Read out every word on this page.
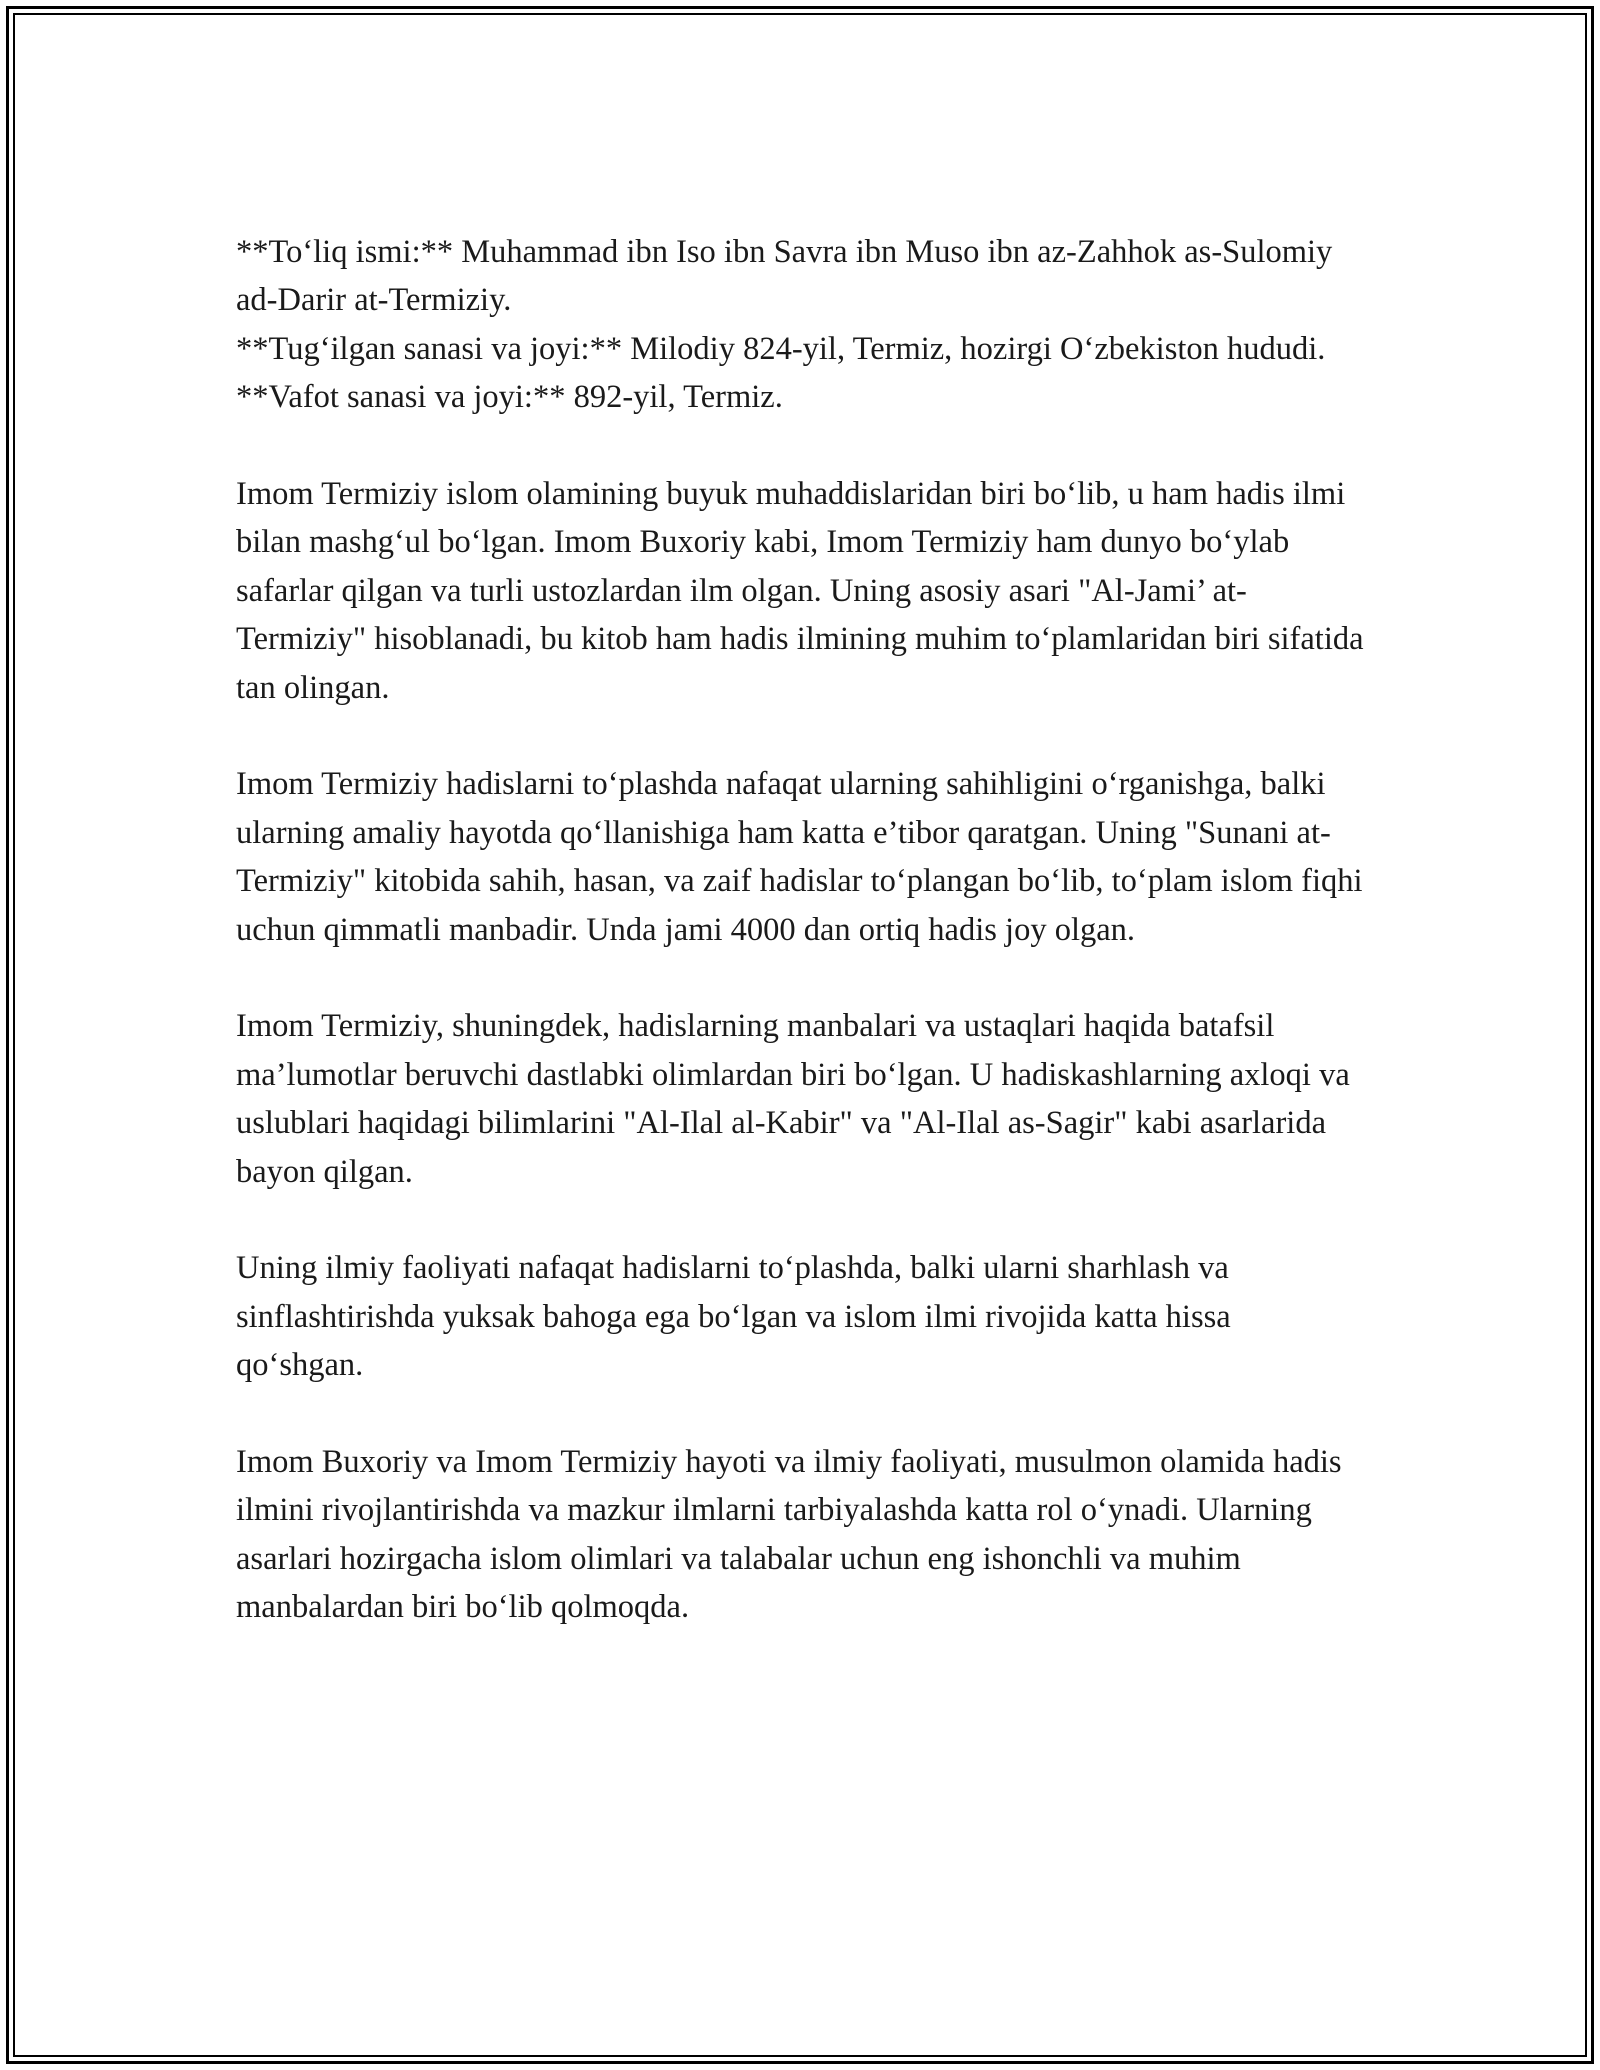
**To‘liq ismi:** Muhammad ibn Iso ibn Savra ibn Muso ibn az-Zahhok as-Sulomiy ad-Darir at-Termiziy.
**Tug‘ilgan sanasi va joyi:** Milodiy 824-yil, Termiz, hozirgi O‘zbekiston hududi.
**Vafot sanasi va joyi:** 892-yil, Termiz.

Imom Termiziy islom olamining buyuk muhaddislaridan biri bo‘lib, u ham hadis ilmi bilan mashg‘ul bo‘lgan. Imom Buxoriy kabi, Imom Termiziy ham dunyo bo‘ylab safarlar qilgan va turli ustozlardan ilm olgan. Uning asosiy asari "Al-Jami’ at-Termiziy" hisoblanadi, bu kitob ham hadis ilmining muhim to‘plamlaridan biri sifatida tan olingan.

Imom Termiziy hadislarni to‘plashda nafaqat ularning sahihligini o‘rganishga, balki ularning amaliy hayotda qo‘llanishiga ham katta e’tibor qaratgan. Uning "Sunani at-Termiziy" kitobida sahih, hasan, va zaif hadislar to‘plangan bo‘lib, to‘plam islom fiqhi uchun qimmatli manbadir. Unda jami 4000 dan ortiq hadis joy olgan.

Imom Termiziy, shuningdek, hadislarning manbalari va ustaqlari haqida batafsil ma’lumotlar beruvchi dastlabki olimlardan biri bo‘lgan. U hadiskashlarning axloqi va uslublari haqidagi bilimlarini "Al-Ilal al-Kabir" va "Al-Ilal as-Sagir" kabi asarlarida bayon qilgan.

Uning ilmiy faoliyati nafaqat hadislarni to‘plashda, balki ularni sharhlash va sinflashtirishda yuksak bahoga ega bo‘lgan va islom ilmi rivojida katta hissa qo‘shgan.

Imom Buxoriy va Imom Termiziy hayoti va ilmiy faoliyati, musulmon olamida hadis ilmini rivojlantirishda va mazkur ilmlarni tarbiyalashda katta rol o‘ynadi. Ularning asarlari hozirgacha islom olimlari va talabalar uchun eng ishonchli va muhim manbalardan biri bo‘lib qolmoqda.
